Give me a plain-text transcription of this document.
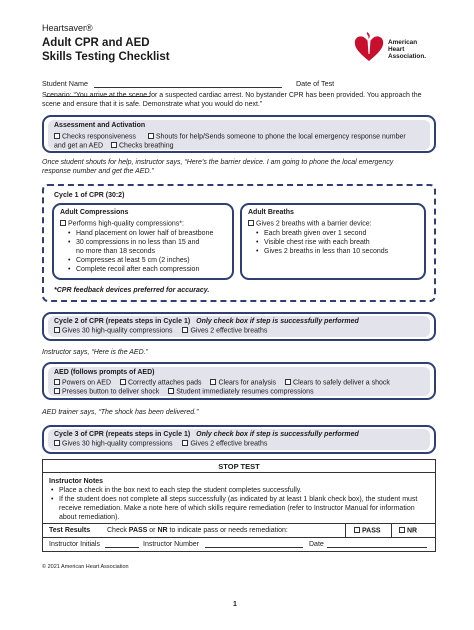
Heartsaver®
Adult CPR and AED
Skills Testing Checklist
American
Heart
Association.
Student Name	Date of Test
Scenario: “You arrive at the scene for a suspected cardiac arrest. No bystander CPR has been provided. You approach the scene and ensure that it is safe. Demonstrate what you would do next.”
Assessment and Activation
Checks responsiveness	Shouts for help/Sends someone to phone the local emergency response number
and get an AED Checks breathing
Once student shouts for help, instructor says, “Here’s the barrier device. I am going to phone the local emergency
response number and get the AED.”
Cycle 1 of CPR (30:2)
Adult Compressions
Performs high-quality compressions*:
• Hand placement on lower half of breastbone
• 30 compressions in no less than 15 and
no more than 18 seconds
• Compresses at least 5 cm (2 inches)
• Complete recoil after each compression
Adult Breaths
Gives 2 breaths with a barrier device:
• Each breath given over 1 second
• Visible chest rise with each breath
• Gives 2 breaths in less than 10 seconds
*CPR feedback devices preferred for accuracy.
Cycle 2 of CPR (repeats steps in Cycle 1) Only check box if step is successfully performed
Gives 30 high-quality compressions	Gives 2 effective breaths
Instructor says, “Here is the AED.”
AED (follows prompts of AED)
Powers on AED Correctly attaches pads Clears for analysis Clears to safely deliver a shock
Presses button to deliver shock Student immediately resumes compressions
AED trainer says, “The shock has been delivered.”
Cycle 3 of CPR (repeats steps in Cycle 1) Only check box if step is successfully performed
Gives 30 high-quality compressions	Gives 2 effective breaths
STOP TEST
Instructor Notes
• Place a check in the box next to each step the student completes successfully.
• If the student does not complete all steps successfully (as indicated by at least 1 blank check box), the student must
receive remediation. Make a note here of which skills require remediation (refer to Instructor Manual for information
about remediation).
Test Results Check PASS or NR to indicate pass or needs remediation:	PASS	NR
Instructor Initials	Instructor Number	Date
© 2021 American Heart Association
1
